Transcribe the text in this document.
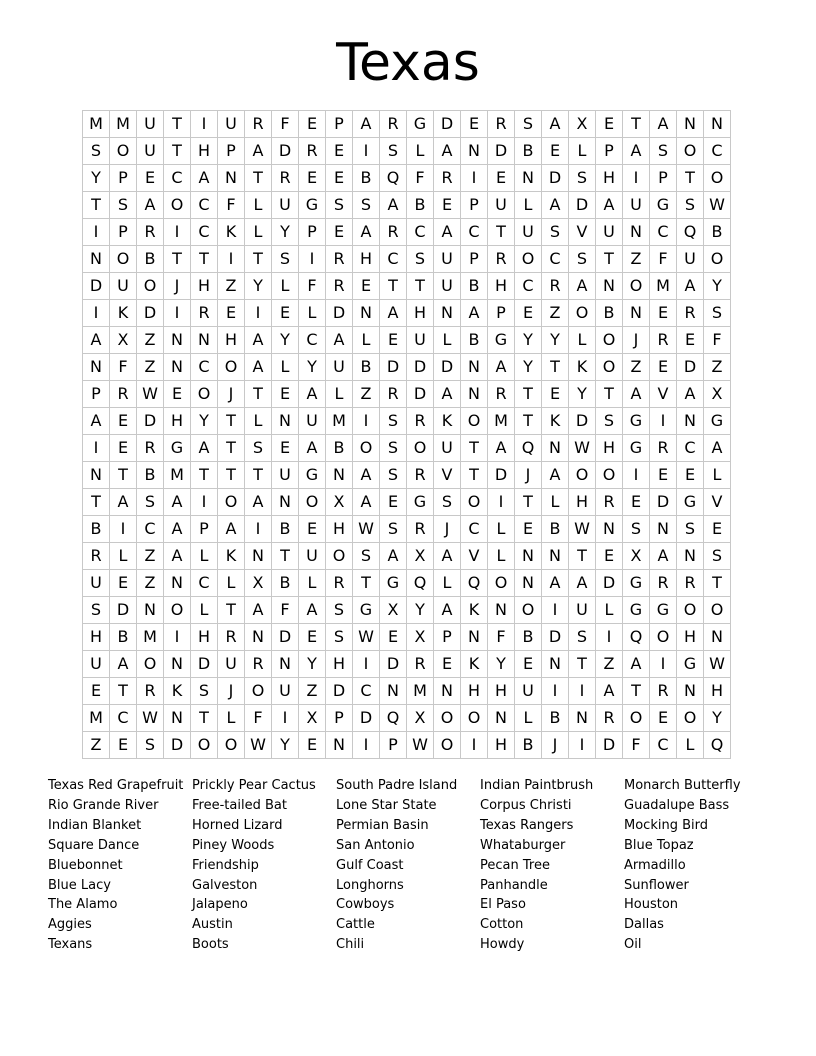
Texas
M	M	U	T	I	U	R	F	E	P	A	R	G	D	E	R	S	A	X	E	T	A	N	N
S	O	U	T	H	P	A	D	R	E	I	S	L	A	N	D	B	E	L	P	A	S	O	C
Y	P	E	C	A	N	T	R	E	E	B	Q	F	R	I	E	N	D	S	H	I	P	T	O
T	S	A	O	C	F	L	U	G	S	S	A	B	E	P	U	L	A	D	A	U	G	S	W
I	P	R	I	C	K	L	Y	P	E	A	R	C	A	C	T	U	S	V	U	N	C	Q	B
N	O	B	T	T	I	T	S	I	R	H	C	S	U	P	R	O	C	S	T	Z	F	U	O
D	U	O	J	H	Z	Y	L	F	R	E	T	T	U	B	H	C	R	A	N	O	M	A	Y
I	K	D	I	R	E	I	E	L	D	N	A	H	N	A	P	E	Z	O	B	N	E	R	S
A	X	Z	N	N	H	A	Y	C	A	L	E	U	L	B	G	Y	Y	L	O	J	R	E	F
N	F	Z	N	C	O	A	L	Y	U	B	D	D	D	N	A	Y	T	K	O	Z	E	D	Z
P	R	W	E	O	J	T	E	A	L	Z	R	D	A	N	R	T	E	Y	T	A	V	A	X
A	E	D	H	Y	T	L	N	U	M	I	S	R	K	O	M	T	K	D	S	G	I	N	G
I	E	R	G	A	T	S	E	A	B	O	S	O	U	T	A	Q	N	W	H	G	R	C	A
N	T	B	M	T	T	T	U	G	N	A	S	R	V	T	D	J	A	O	O	I	E	E	L
T	A	S	A	I	O	A	N	O	X	A	E	G	S	O	I	T	L	H	R	E	D	G	V
B	I	C	A	P	A	I	B	E	H	W	S	R	J	C	L	E	B	W	N	S	N	S	E
R	L	Z	A	L	K	N	T	U	O	S	A	X	A	V	L	N	N	T	E	X	A	N	S
U	E	Z	N	C	L	X	B	L	R	T	G	Q	L	Q	O	N	A	A	D	G	R	R	T
S	D	N	O	L	T	A	F	A	S	G	X	Y	A	K	N	O	I	U	L	G	G	O	O
H	B	M	I	H	R	N	D	E	S	W	E	X	P	N	F	B	D	S	I	Q	O	H	N
U	A	O	N	D	U	R	N	Y	H	I	D	R	E	K	Y	E	N	T	Z	A	I	G	W
E	T	R	K	S	J	O	U	Z	D	C	N	M	N	H	H	U	I	I	A	T	R	N	H
M	C	W	N	T	L	F	I	X	P	D	Q	X	O	O	N	L	B	N	R	O	E	O	Y
Z	E	S	D	O	O	W	Y	E	N	I	P	W	O	I	H	B	J	I	D	F	C	L	Q
Texas Red Grapefruit
Rio Grande River
Indian Blanket
Square Dance
Bluebonnet
Blue Lacy
The Alamo
Aggies
Texans
Prickly Pear Cactus
Free-tailed Bat
Horned Lizard
Piney Woods
Friendship
Galveston
Jalapeno
Austin
Boots
South Padre Island
Lone Star State
Permian Basin
San Antonio
Gulf Coast
Longhorns
Cowboys
Cattle
Chili
Indian Paintbrush
Corpus Christi
Texas Rangers
Whataburger
Pecan Tree
Panhandle
El Paso
Cotton
Howdy
Monarch Butterfly
Guadalupe Bass
Mocking Bird
Blue Topaz
Armadillo
Sunflower
Houston
Dallas
Oil
